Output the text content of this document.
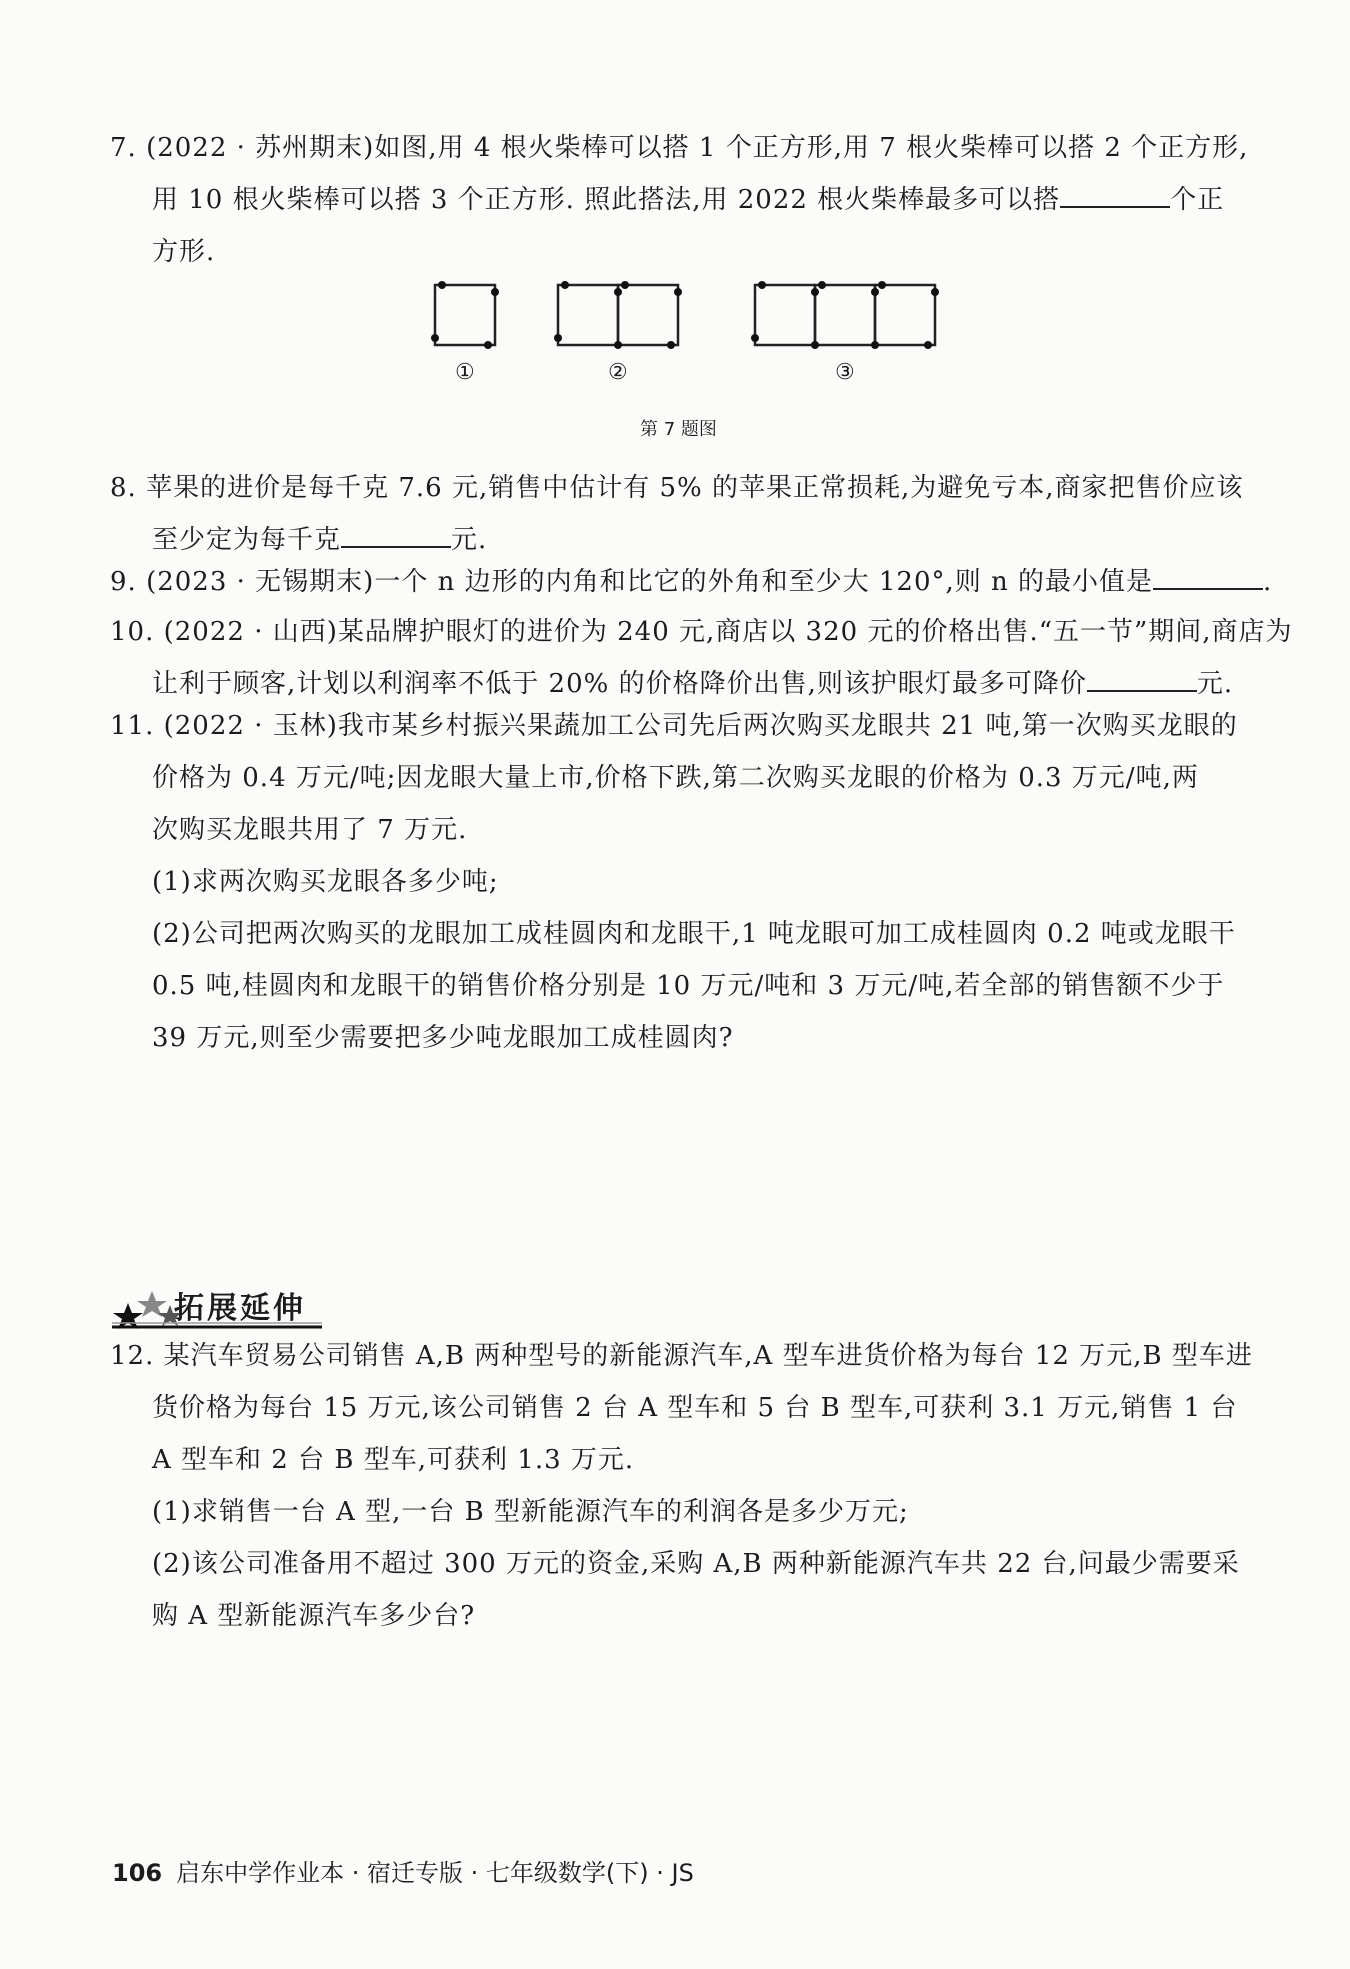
7. (2022 · 苏州期末)如图,用 4 根火柴棒可以搭 1 个正方形,用 7 根火柴棒可以搭 2 个正方形,
用 10 根火柴棒可以搭 3 个正方形. 照此搭法,用 2022 根火柴棒最多可以搭	个正
方形.
①	②	③
第 7 题图
8. 苹果的进价是每千克 7.6 元,销售中估计有 5% 的苹果正常损耗,为避免亏本,商家把售价应该
至少定为每千克	元.
9. (2023 · 无锡期末)一个 n 边形的内角和比它的外角和至少大 120°,则 n 的最小值是	.
10. (2022 · 山西)某品牌护眼灯的进价为 240 元,商店以 320 元的价格出售.“五一节”期间,商店为
让利于顾客,计划以利润率不低于 20% 的价格降价出售,则该护眼灯最多可降价	元.
11. (2022 · 玉林)我市某乡村振兴果蔬加工公司先后两次购买龙眼共 21 吨,第一次购买龙眼的
价格为 0.4 万元/吨;因龙眼大量上市,价格下跌,第二次购买龙眼的价格为 0.3 万元/吨,两
次购买龙眼共用了 7 万元.
(1)求两次购买龙眼各多少吨;
(2)公司把两次购买的龙眼加工成桂圆肉和龙眼干,1 吨龙眼可加工成桂圆肉 0.2 吨或龙眼干
0.5 吨,桂圆肉和龙眼干的销售价格分别是 10 万元/吨和 3 万元/吨,若全部的销售额不少于
39 万元,则至少需要把多少吨龙眼加工成桂圆肉?
拓展延伸
12. 某汽车贸易公司销售 A,B 两种型号的新能源汽车,A 型车进货价格为每台 12 万元,B 型车进
货价格为每台 15 万元,该公司销售 2 台 A 型车和 5 台 B 型车,可获利 3.1 万元,销售 1 台
A 型车和 2 台 B 型车,可获利 1.3 万元.
(1)求销售一台 A 型,一台 B 型新能源汽车的利润各是多少万元;
(2)该公司准备用不超过 300 万元的资金,采购 A,B 两种新能源汽车共 22 台,问最少需要采
购 A 型新能源汽车多少台?
106 启东中学作业本 · 宿迁专版 · 七年级数学(下) · JS
